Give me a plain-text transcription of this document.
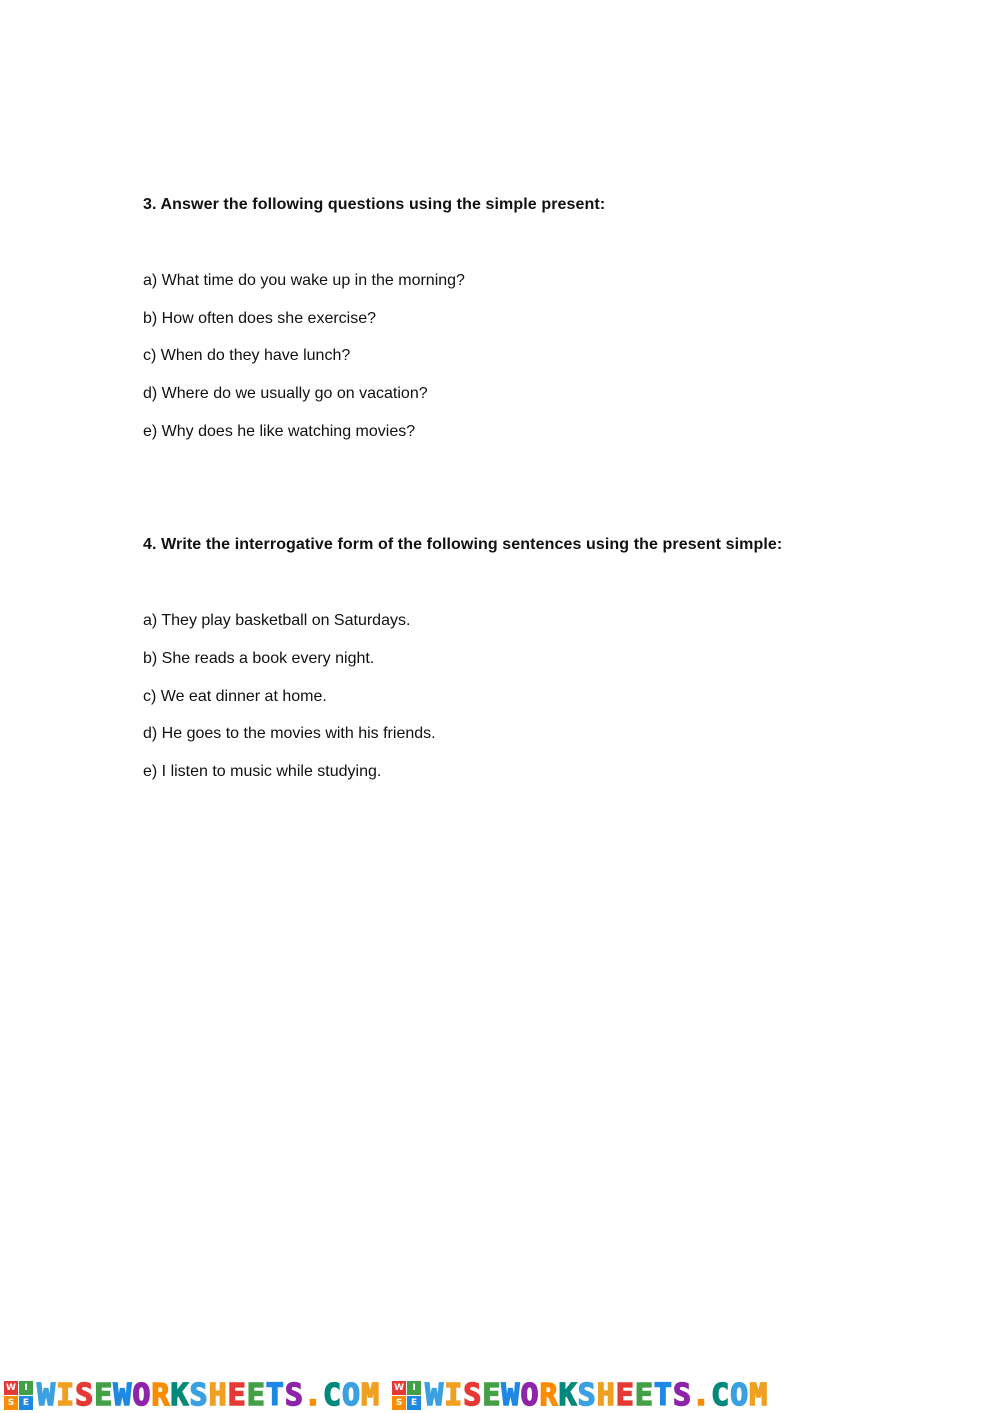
3. Answer the following questions using the simple present:
a) What time do you wake up in the morning?
b) How often does she exercise?
c) When do they have lunch?
d) Where do we usually go on vacation?
e) Why does he like watching movies?
4. Write the interrogative form of the following sentences using the present simple:
a) They play basketball on Saturdays.
b) She reads a book every night.
c) We eat dinner at home.
d) He goes to the movies with his friends.
e) I listen to music while studying.
W I
S E WISEWORKSHEETS.COM W I
S E WISEWORKSHEETS.COM
